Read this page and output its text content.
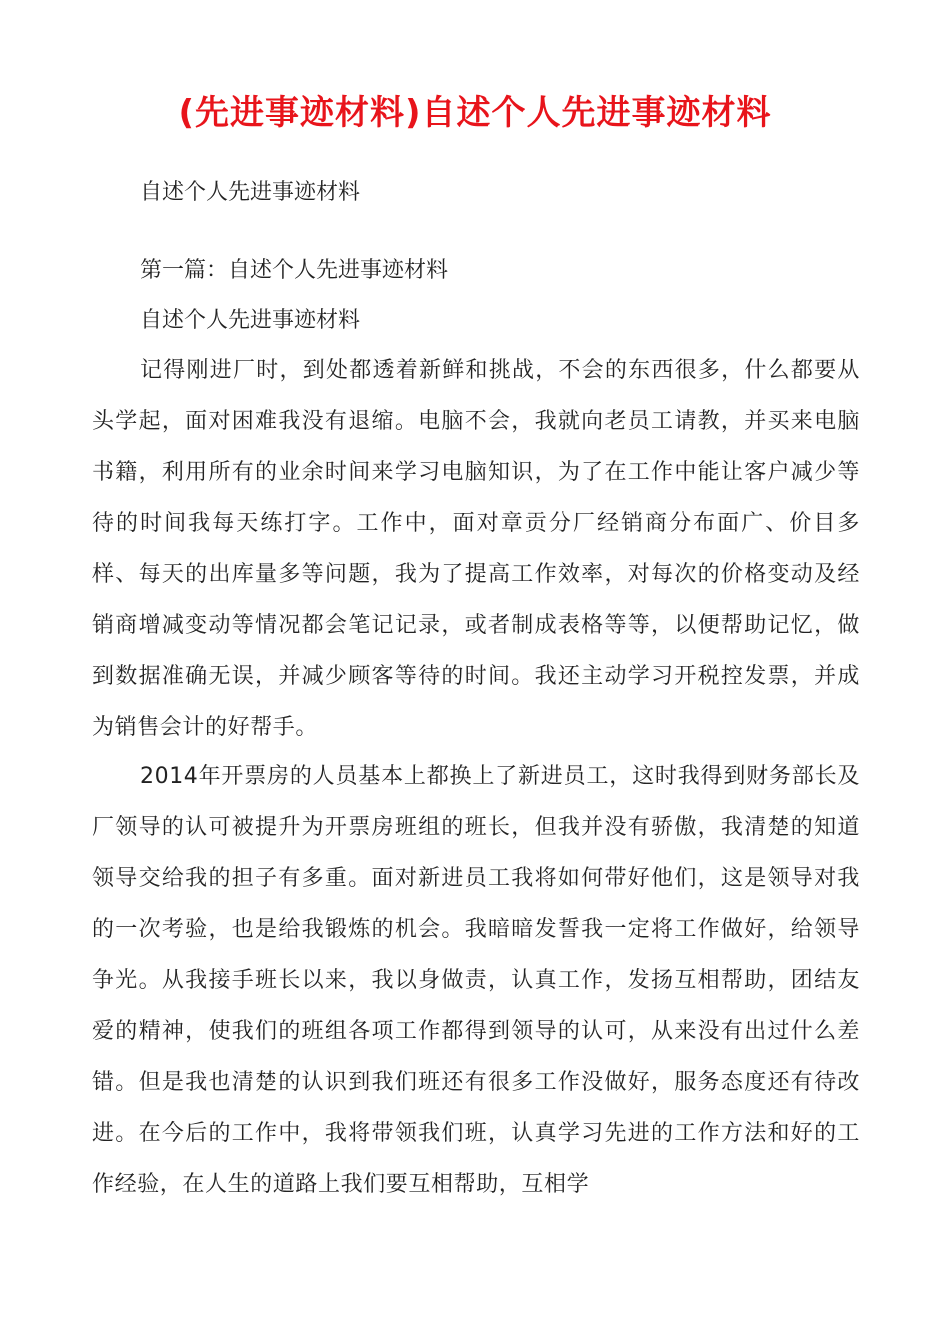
(先进事迹材料)自述个人先进事迹材料
自述个人先进事迹材料
第一篇：自述个人先进事迹材料
自述个人先进事迹材料
记得刚进厂时，到处都透着新鲜和挑战，不会的东西很多，什么都要从头学起，面对困难我没有退缩。电脑不会，我就向老员工请教，并买来电脑书籍，利用所有的业余时间来学习电脑知识，为了在工作中能让客户减少等待的时间我每天练打字。工作中，面对章贡分厂经销商分布面广、价目多样、每天的出库量多等问题，我为了提高工作效率，对每次的价格变动及经销商增减变动等情况都会笔记记录，或者制成表格等等，以便帮助记忆，做到数据准确无误，并减少顾客等待的时间。我还主动学习开税控发票，并成为销售会计的好帮手。
2014年开票房的人员基本上都换上了新进员工，这时我得到财务部长及厂领导的认可被提升为开票房班组的班长，但我并没有骄傲，我清楚的知道领导交给我的担子有多重。面对新进员工我将如何带好他们，这是领导对我的一次考验，也是给我锻炼的机会。我暗暗发誓我一定将工作做好，给领导争光。从我接手班长以来，我以身做责，认真工作，发扬互相帮助，团结友爱的精神，使我们的班组各项工作都得到领导的认可，从来没有出过什么差错。但是我也清楚的认识到我们班还有很多工作没做好，服务态度还有待改进。在今后的工作中，我将带领我们班，认真学习先进的工作方法和好的工作经验，在人生的道路上我们要互相帮助，互相学
